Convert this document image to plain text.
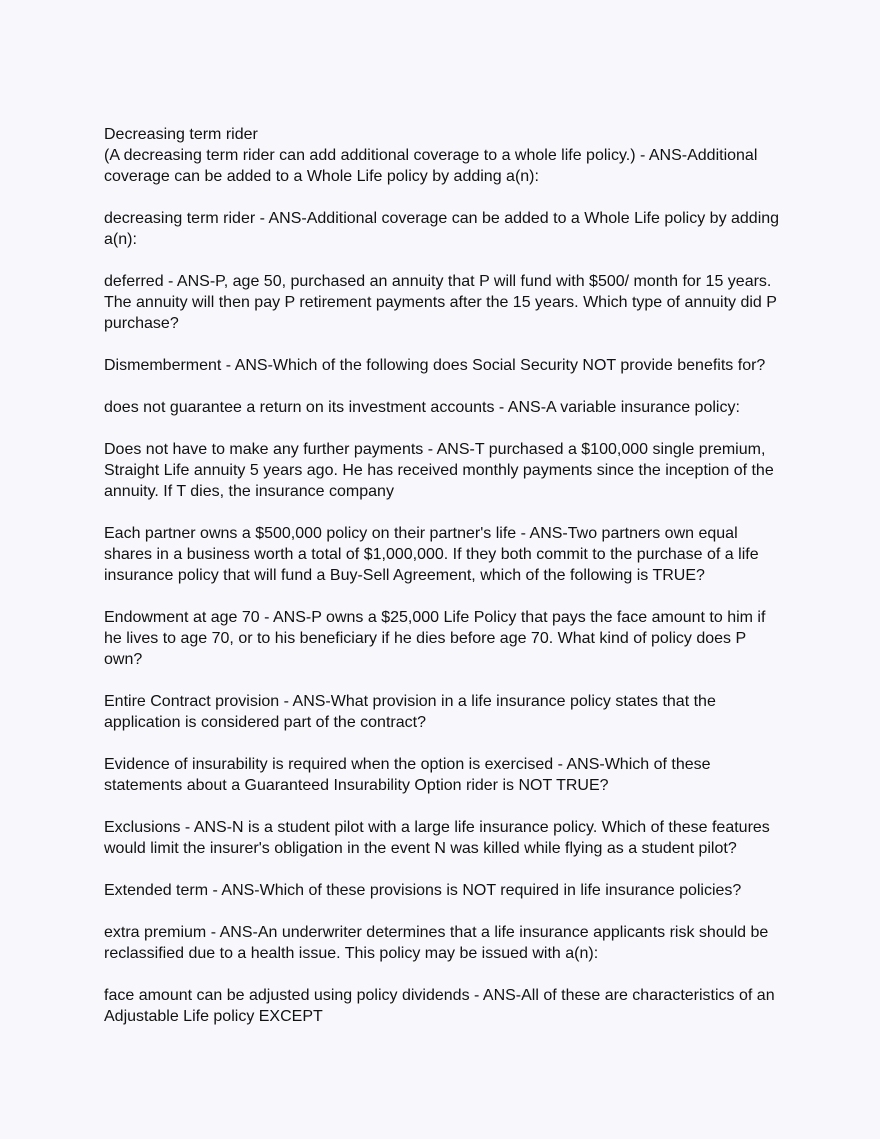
Decreasing term rider
(A decreasing term rider can add additional coverage to a whole life policy.) - ANS-Additional
coverage can be added to a Whole Life policy by adding a(n):
decreasing term rider - ANS-Additional coverage can be added to a Whole Life policy by adding
a(n):
deferred - ANS-P, age 50, purchased an annuity that P will fund with $500/ month for 15 years.
The annuity will then pay P retirement payments after the 15 years. Which type of annuity did P
purchase?
Dismemberment - ANS-Which of the following does Social Security NOT provide benefits for?
does not guarantee a return on its investment accounts - ANS-A variable insurance policy:
Does not have to make any further payments - ANS-T purchased a $100,000 single premium,
Straight Life annuity 5 years ago. He has received monthly payments since the inception of the
annuity. If T dies, the insurance company
Each partner owns a $500,000 policy on their partner's life - ANS-Two partners own equal
shares in a business worth a total of $1,000,000. If they both commit to the purchase of a life
insurance policy that will fund a Buy-Sell Agreement, which of the following is TRUE?
Endowment at age 70 - ANS-P owns a $25,000 Life Policy that pays the face amount to him if
he lives to age 70, or to his beneficiary if he dies before age 70. What kind of policy does P
own?
Entire Contract provision - ANS-What provision in a life insurance policy states that the
application is considered part of the contract?
Evidence of insurability is required when the option is exercised - ANS-Which of these
statements about a Guaranteed Insurability Option rider is NOT TRUE?
Exclusions - ANS-N is a student pilot with a large life insurance policy. Which of these features
would limit the insurer's obligation in the event N was killed while flying as a student pilot?
Extended term - ANS-Which of these provisions is NOT required in life insurance policies?
extra premium - ANS-An underwriter determines that a life insurance applicants risk should be
reclassified due to a health issue. This policy may be issued with a(n):
face amount can be adjusted using policy dividends - ANS-All of these are characteristics of an
Adjustable Life policy EXCEPT
